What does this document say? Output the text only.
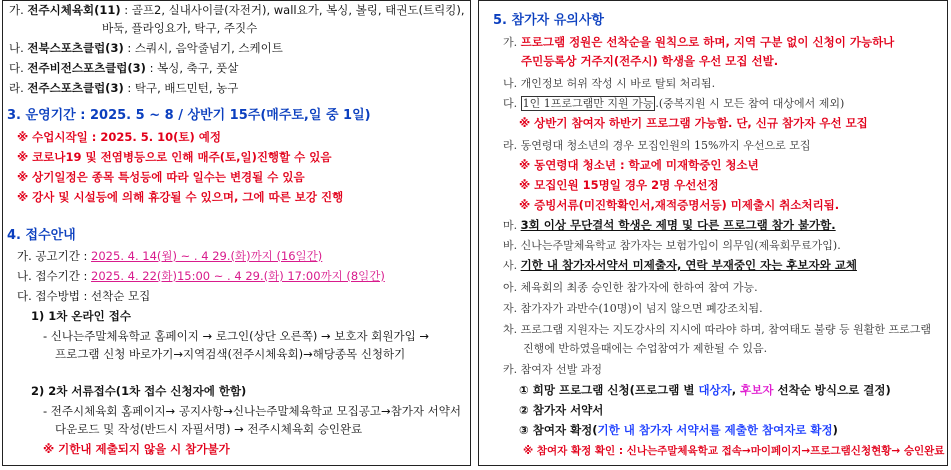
가. 전주시체육회(11) : 골프2, 실내사이클(자전거), wall요가, 복싱, 볼링, 태권도(트릭킹),
바둑, 플라잉요가, 탁구, 주짓수
나. 전북스포츠클럽(3) : 스쿼시, 음악줄넘기, 스케이트
다. 전주비전스포츠클럽(3) : 복싱, 축구, 풋살
라. 전주스포츠클럽(3) : 탁구, 배드민턴, 농구
3. 운영기간 : 2025. 5 ~ 8 / 상반기 15주(매주토,일 중 1일)
※ 수업시작일 : 2025. 5. 10(토) 예정
※ 코로나19 및 전염병등으로 인해 매주(토,일)진행할 수 있음
※ 상기일정은 종목 특성등에 따라 일수는 변경될 수 있음
※ 강사 및 시설등에 의해 휴강될 수 있으며, 그에 따른 보강 진행
4. 접수안내
가. 공고기간 : 2025. 4. 14(월) ~ . 4 29.(화)까지 (16일간)
나. 접수기간 : 2025. 4. 22(화)15:00 ~ . 4 29.(화) 17:00까지 (8일간)
다. 접수방법 : 선착순 모집
1) 1차 온라인 접수
- 신나는주말체육학교 홈페이지 → 로그인(상단 오른쪽) → 보호자 회원가입 →
프로그램 신청 바로가기→지역검색(전주시체육회)→해당종목 신청하기
2) 2차 서류접수(1차 접수 신청자에 한함)
- 전주시체육회 홈페이지→ 공지사항→신나는주말체육학교 모집공고→참가자 서약서
다운로드 및 작성(반드시 자필서명) → 전주시체육회 승인완료
※ 기한내 제출되지 않을 시 참가불가
5. 참가자 유의사항
가. 프로그램 정원은 선착순을 원칙으로 하며, 지역 구분 없이 신청이 가능하나
주민등록상 거주지(전주시) 학생을 우선 모집 선발.
나. 개인정보 허위 작성 시 바로 탈퇴 처리됨.
다. 1인 1프로그램만 지원 가능 .(중복지원 시 모든 참여 대상에서 제외)
※ 상반기 참여자 하반기 프로그램 가능함. 단, 신규 참가자 우선 모집
라. 동연령대 청소년의 경우 모집인원의 15%까지 우선으로 모집
※ 동연령대 청소년 : 학교에 미재학중인 청소년
※ 모집인원 15명일 경우 2명 우선선정
※ 증빙서류(미진학확인서,재적증명서등) 미제출시 취소처리됨.
마. 3회 이상 무단결석 학생은 제명 및 다른 프로그램 참가 불가함.
바. 신나는주말체육학교 참가자는 보험가입이 의무임(제육회무료가입).
사. 기한 내 참가자서약서 미제출자, 연락 부재중인 자는 후보자와 교체
아. 체육회의 최종 승인한 참가자에 한하여 참여 가능.
자. 참가자가 과반수(10명)이 넘지 않으면 폐강조치됨.
차. 프로그램 지원자는 지도강사의 지시에 따라야 하며, 참여태도 불량 등 원활한 프로그램
진행에 반하였을때에는 수업참여가 제한될 수 있음.
카. 참여자 선발 과정
① 희망 프로그램 신청(프로그램 별 대상자, 후보자 선착순 방식으로 결정)
② 참가자 서약서
③ 참여자 확정(기한 내 참가자 서약서를 제출한 참여자로 확정)
※ 참여자 확정 확인 : 신나는주말체육학교 접속→마이페이지→프로그램신청현황→ 승인완료
